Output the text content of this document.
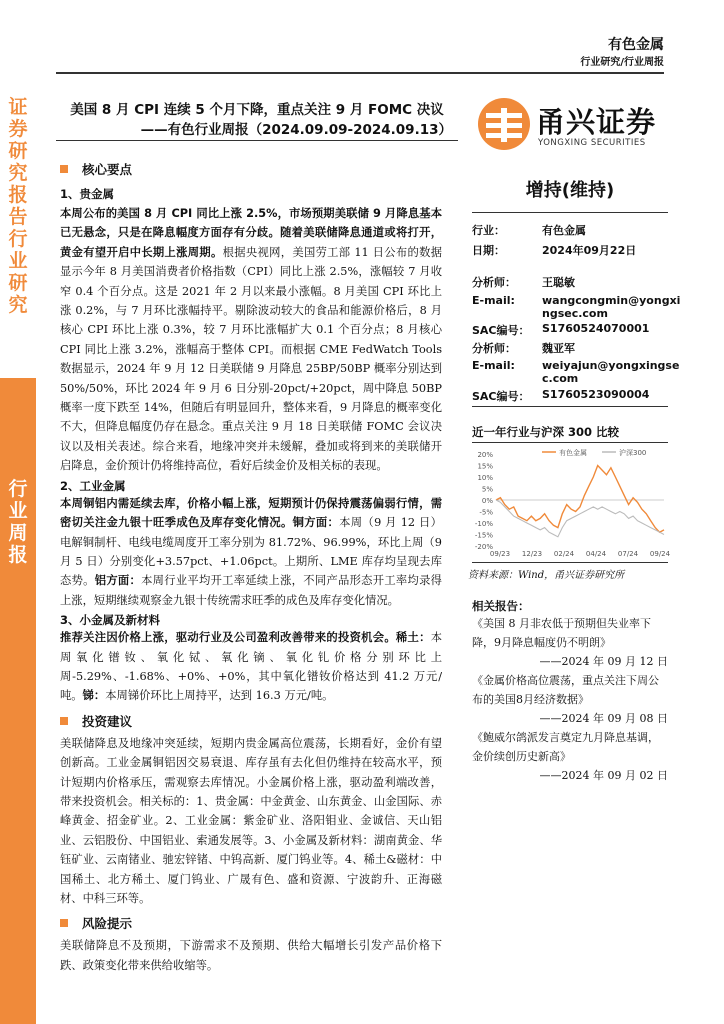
证券研究报告 行业研究
行业周报
有色金属
行业研究/行业周报
美国 8 月 CPI 连续 5 个月下降，重点关注 9 月 FOMC 决议
——有色行业周报（2024.09.09-2024.09.13）	甬兴证券
YONGXING SECURITIES
增持(维持)
行业：	有色金属
日期：	2024年09月22日
分析师：	王聪敏
E-mail:	wangcongmin@yongxi
ngsec.com
SAC编号：	S1760524070001
分析师：	魏亚军
E-mail:	weiyajun@yongxingse
c.com
SAC编号：	S1760523090004
近一年行业与沪深 300 比较
20%
15%
10%
5%
0%
-5%
-10%
-15%
-20%
09/23 12/23 02/24 04/24 07/24 09/24
有色金属	沪深300
资料来源：Wind，甬兴证券研究所
相关报告：
《美国 8 月非农低于预期但失业率下降，9月降息幅度仍不明朗》
——2024 年 09 月 12 日
《金属价格高位震荡，重点关注下周公布的美国8月经济数据》
——2024 年 09 月 08 日
《鲍威尔鸽派发言奠定九月降息基调，金价续创历史新高》
——2024 年 09 月 02 日
核心要点
1、贵金属
本周公布的美国 8 月 CPI 同比上涨 2.5%，市场预期美联储 9 月降息基本已无悬念，只是在降息幅度方面存有分歧。随着美联储降息通道或将打开，黄金有望开启中长期上涨周期。根据央视网，美国劳工部 11 日公布的数据显示今年 8 月美国消费者价格指数（CPI）同比上涨 2.5%，涨幅较 7 月收窄 0.4 个百分点。这是 2021 年 2 月以来最小涨幅。8 月美国 CPI 环比上涨 0.2%，与 7 月环比涨幅持平。剔除波动较大的食品和能源价格后，8 月核心 CPI 环比上涨 0.3%，较 7 月环比涨幅扩大 0.1 个百分点；8 月核心 CPI 同比上涨 3.2%，涨幅高于整体 CPI。而根据 CME FedWatch Tools 数据显示，2024 年 9 月 12 日美联储 9 月降息 25BP/50BP 概率分别达到 50%/50%，环比 2024 年 9 月 6 日分别-20pct/+20pct，周中降息 50BP 概率一度下跌至 14%，但随后有明显回升，整体来看，9 月降息的概率变化不大，但降息幅度仍存在悬念。重点关注 9 月 18 日美联储 FOMC 会议决议以及相关表述。综合来看，地缘冲突并未缓解，叠加或将到来的美联储开启降息，金价预计仍将维持高位，看好后续金价及相关标的表现。
2、工业金属
本周铜铝内需延续去库，价格小幅上涨，短期预计仍保持震荡偏弱行情，需密切关注金九银十旺季成色及库存变化情况。铜方面：本周（9 月 12 日）电解铜制杆、电线电缆周度开工率分别为 81.72%、96.99%，环比上周（9 月 5 日）分别变化+3.57pct、+1.06pct。上期所、LME 库存均呈现去库态势。铝方面：本周行业平均开工率延续上涨，不同产品形态开工率均录得上涨，短期继续观察金九银十传统需求旺季的成色及库存变化情况。
3、小金属及新材料
推荐关注因价格上涨，驱动行业及公司盈利改善带来的投资机会。稀土：本周氧化镨钕、氧化铽、氧化镝、氧化钆价格分别环比上周-5.29%、-1.68%、+0%、+0%，其中氧化镨钕价格达到 41.2 万元/吨。锑：本周锑价环比上周持平，达到 16.3 万元/吨。
投资建议
美联储降息及地缘冲突延续，短期内贵金属高位震荡，长期看好，金价有望创新高。工业金属铜铝因交易衰退、库存虽有去化但仍维持在较高水平，预计短期内价格承压，需观察去库情况。小金属价格上涨，驱动盈利端改善，带来投资机会。相关标的：1、贵金属：中金黄金、山东黄金、山金国际、赤峰黄金、招金矿业。2、工业金属：紫金矿业、洛阳钼业、金诚信、天山铝业、云铝股份、中国铝业、索通发展等。3、小金属及新材料：湖南黄金、华钰矿业、云南锗业、驰宏锌锗、中钨高新、厦门钨业等。4、稀土&磁材：中国稀土、北方稀土、厦门钨业、广晟有色、盛和资源、宁波韵升、正海磁材、中科三环等。
风险提示
美联储降息不及预期，下游需求不及预期、供给大幅增长引发产品价格下跌、政策变化带来供给收缩等。
